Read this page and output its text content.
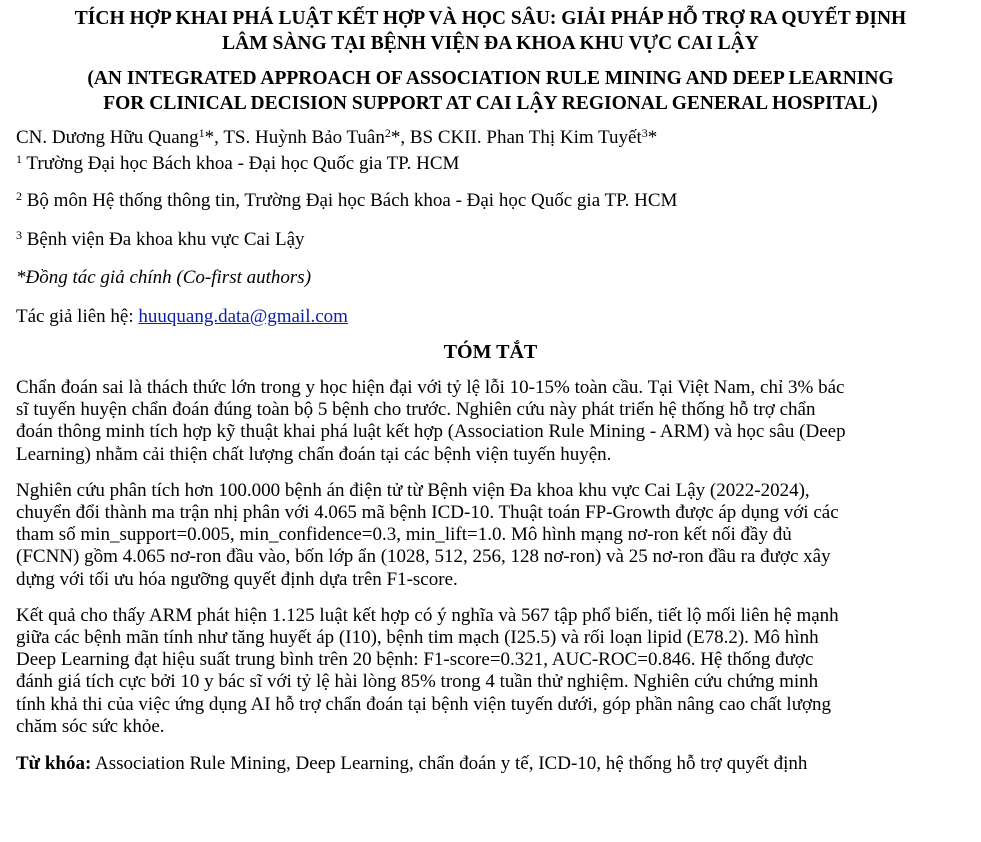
TÍCH HỢP KHAI PHÁ LUẬT KẾT HỢP VÀ HỌC SÂU: GIẢI PHÁP HỖ TRỢ RA QUYẾT ĐỊNH
LÂM SÀNG TẠI BỆNH VIỆN ĐA KHOA KHU VỰC CAI LẬY
(AN INTEGRATED APPROACH OF ASSOCIATION RULE MINING AND DEEP LEARNING
FOR CLINICAL DECISION SUPPORT AT CAI LẬY REGIONAL GENERAL HOSPITAL)
CN. Dương Hữu Quang$^1$*, TS. Huỳnh Bảo Tuân$^2$*, BS CKII. Phan Thị Kim Tuyết$^3$*
$^1$ Trường Đại học Bách khoa - Đại học Quốc gia TP. HCM
$^2$ Bộ môn Hệ thống thông tin, Trường Đại học Bách khoa - Đại học Quốc gia TP. HCM
$^3$ Bệnh viện Đa khoa khu vực Cai Lậy
*Đồng tác giả chính (Co-first authors)
Tác giả liên hệ: huuquang.data@gmail.com
TÓM TẮT
Chẩn đoán sai là thách thức lớn trong y học hiện đại với tỷ lệ lỗi 10-15% toàn cầu. Tại Việt Nam, chỉ 3% bác
sĩ tuyến huyện chẩn đoán đúng toàn bộ 5 bệnh cho trước. Nghiên cứu này phát triển hệ thống hỗ trợ chẩn
đoán thông minh tích hợp kỹ thuật khai phá luật kết hợp (Association Rule Mining - ARM) và học sâu (Deep
Learning) nhằm cải thiện chất lượng chẩn đoán tại các bệnh viện tuyến huyện.
Nghiên cứu phân tích hơn 100.000 bệnh án điện tử từ Bệnh viện Đa khoa khu vực Cai Lậy (2022-2024),
chuyển đổi thành ma trận nhị phân với 4.065 mã bệnh ICD-10. Thuật toán FP-Growth được áp dụng với các
tham số min_support=0.005, min_confidence=0.3, min_lift=1.0. Mô hình mạng nơ-ron kết nối đầy đủ
(FCNN) gồm 4.065 nơ-ron đầu vào, bốn lớp ẩn (1028, 512, 256, 128 nơ-ron) và 25 nơ-ron đầu ra được xây
dựng với tối ưu hóa ngưỡng quyết định dựa trên F1-score.
Kết quả cho thấy ARM phát hiện 1.125 luật kết hợp có ý nghĩa và 567 tập phổ biến, tiết lộ mối liên hệ mạnh
giữa các bệnh mãn tính như tăng huyết áp (I10), bệnh tim mạch (I25.5) và rối loạn lipid (E78.2). Mô hình
Deep Learning đạt hiệu suất trung bình trên 20 bệnh: F1-score=0.321, AUC-ROC=0.846. Hệ thống được
đánh giá tích cực bởi 10 y bác sĩ với tỷ lệ hài lòng 85% trong 4 tuần thử nghiệm. Nghiên cứu chứng minh
tính khả thi của việc ứng dụng AI hỗ trợ chẩn đoán tại bệnh viện tuyến dưới, góp phần nâng cao chất lượng
chăm sóc sức khỏe.
Từ khóa: Association Rule Mining, Deep Learning, chẩn đoán y tế, ICD-10, hệ thống hỗ trợ quyết định
